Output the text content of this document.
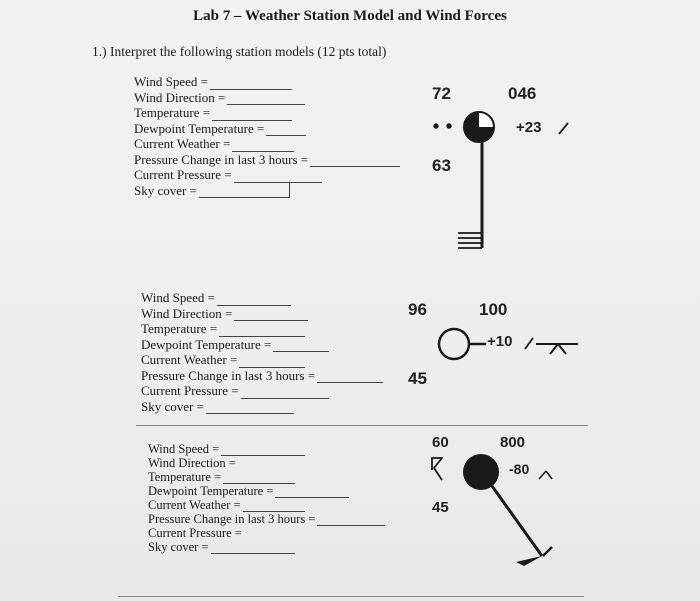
Lab 7 – Weather Station Model and Wind Forces
1.) Interpret the following station models (12 pts total)
Wind Speed =
Wind Direction =
Temperature =
Dewpoint Temperature =
Current Weather =
Pressure Change in last 3 hours =
Current Pressure =
Sky cover =
72	046
63
+23
Wind Speed =
Wind Direction =
Temperature =
Dewpoint Temperature =
Current Weather =
Pressure Change in last 3 hours =
Current Pressure =
Sky cover =
96	100
45
+10
Wind Speed =
Wind Direction =
Temperature =
Dewpoint Temperature =
Current Weather =
Pressure Change in last 3 hours =
Current Pressure =
Sky cover =
60	800
45
-80
